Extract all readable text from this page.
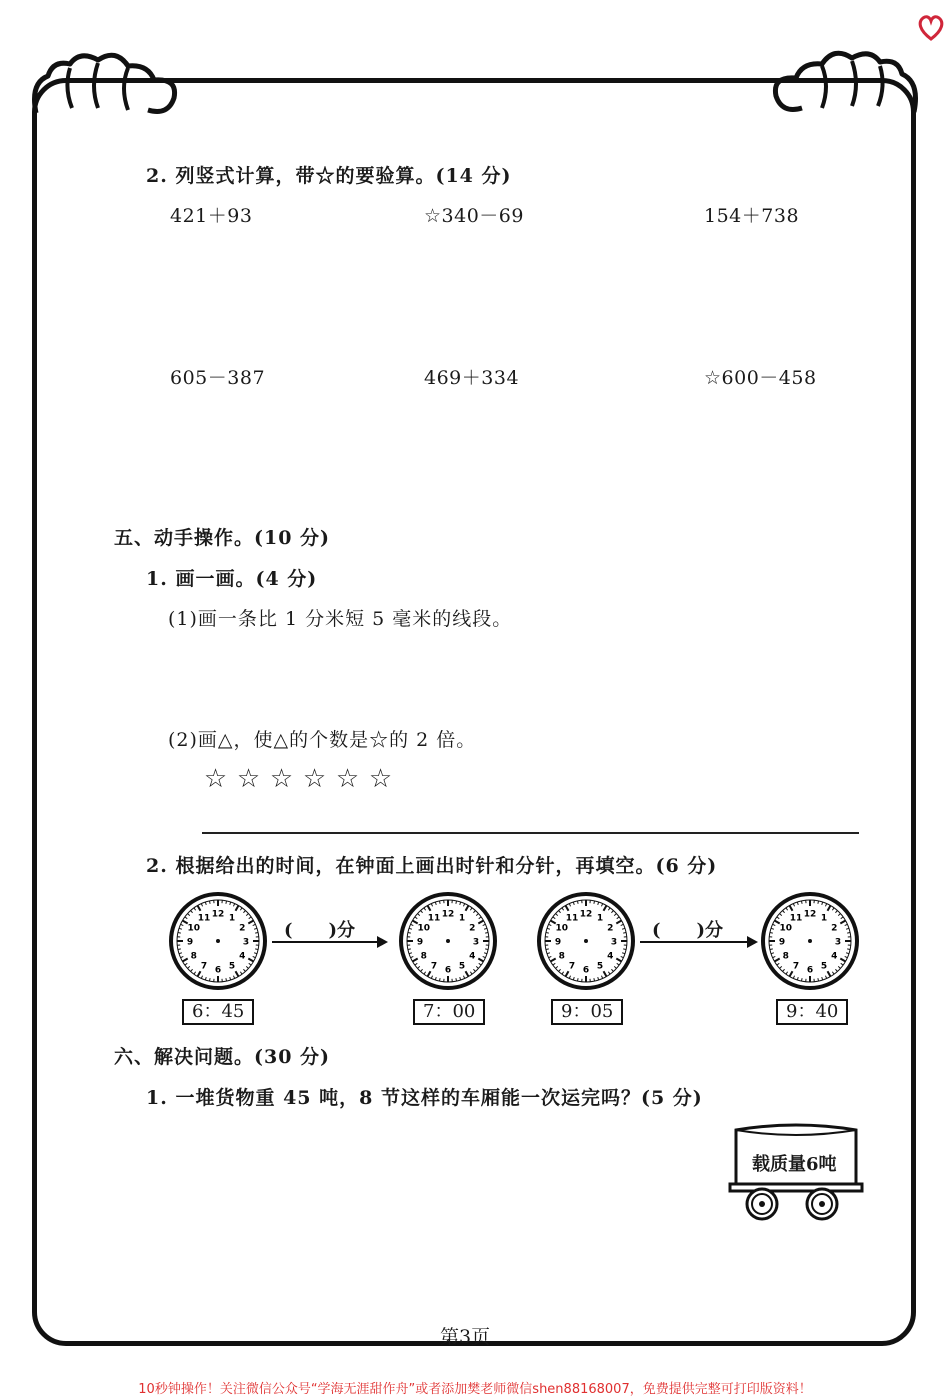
2. 列竖式计算，带☆的要验算。(14 分)
421＋93	☆340－69	154＋738
605－387	469＋334	☆600－458
五、动手操作。(10 分)
1. 画一画。(4 分)
(1)画一条比 1 分米短 5 毫米的线段。
(2)画△，使△的个数是☆的 2 倍。
☆ ☆ ☆ ☆ ☆ ☆
2. 根据给出的时间，在钟面上画出时针和分针，再填空。(6 分)
12 1
2
3
4
5
6
7
8
9
10
11	12 1
2
3
4
5
6
7
8
9
10
11	12 1
2
3
4
5
6
7
8
9
10
11	12 1
2
3
4
5
6
7
8
9
10
11
(　　)分	(　　)分
6：45	7：00	9：05	9：40
六、解决问题。(30 分)
1. 一堆货物重 45 吨，8 节这样的车厢能一次运完吗？(5 分)
载质量6吨
第3页
10秒钟操作！关注微信公众号“学海无涯甜作舟”或者添加樊老师微信shen88168007，免费提供完整可打印版资料！
